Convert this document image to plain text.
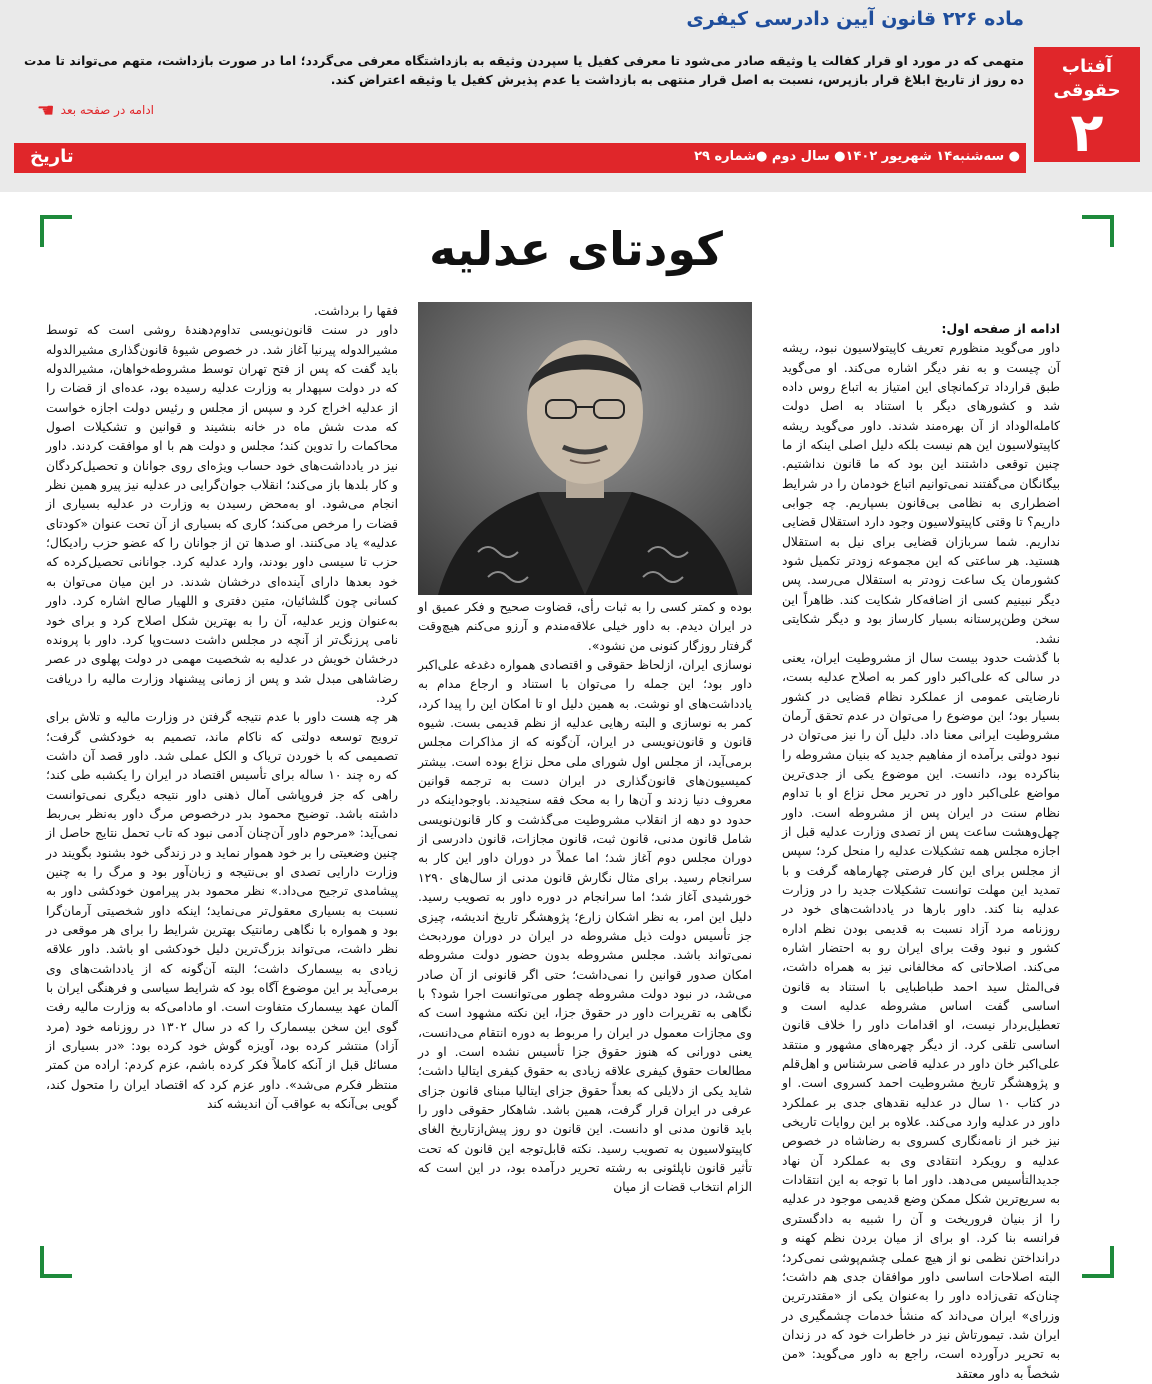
ماده ۲۲۶ قانون آیین دادرسی کیفری
متهمی که در مورد او قرار کفالت یا وثیقه صادر می‌شود تا معرفی کفیل یا سپردن وثیقه به بازداشتگاه معرفی می‌گردد؛ اما در صورت بازداشت، متهم می‌تواند تا مدت ده روز از تاریخ ابلاغ قرار بازپرس، نسبت به اصل قرار منتهی به بازداشت یا عدم پذیرش کفیل یا وثیقه اعتراض کند.
ادامه در صفحه بعد
☚
آفتاب حقوقی
۲
● سه‌شنبه۱۴ شهریور ۱۴۰۲● سال دوم ●شماره ۲۹
تاریخ
کودتای عدلیه

ادامه از صفحه اول:

داور می‌گوید منظورم تعریف کاپیتولاسیون نبود، ریشه آن چیست و به نفر دیگر اشاره می‌کند. او می‌گوید طبق قرارداد ترکمانچای این امتیاز به اتباع روس داده شد و کشورهای دیگر با استناد به اصل دولت کامله‌الوداد از آن بهره‌مند شدند. داور می‌گوید ریشه کاپیتولاسیون این هم نیست بلکه دلیل اصلی اینکه از ما چنین توقعی داشتند این بود که ما قانون نداشتیم. بیگانگان می‌گفتند نمی‌توانیم اتباع خودمان را در شرایط اضطراری به نظامی بی‌قانون بسپاریم. چه جوابی داریم؟ تا وقتی کاپیتولاسیون وجود دارد استقلال قضایی نداریم. شما سربازان قضایی برای نیل به استقلال هستید. هر ساعتی که این مجموعه زودتر تکمیل شود کشورمان یک ساعت زودتر به استقلال می‌رسد. پس دیگر نبینیم کسی از اضافه‌کار شکایت کند. ظاهراً این سخن وطن‌پرستانه بسیار کارساز بود و دیگر شکایتی نشد.

با گذشت حدود بیست سال از مشروطیت ایران، یعنی در سالی که علی‌اکبر داور کمر به اصلاح عدلیه بست، نارضایتی عمومی از عملکرد نظام قضایی در کشور بسیار بود؛ این موضوع را می‌توان در عدم تحقق آرمان مشروطیت ایرانی معنا داد. دلیل آن را نیز می‌توان در نبود دولتی برآمده از مفاهیم جدید که بنیان مشروطه را بناکرده بود، دانست. این موضوع یکی از جدی‌ترین مواضع علی‌اکبر داور در تحریر محل نزاع او با تداوم نظام سنت در ایران پس از مشروطه است. داور چهل‌وهشت ساعت پس از تصدی وزارت عدلیه قبل از اجازه مجلس همه تشکیلات عدلیه را منحل کرد؛ سپس از مجلس برای این کار فرصتی چهارماهه گرفت و با تمدید این مهلت توانست تشکیلات جدید را در وزارت عدلیه بنا کند. داور بارها در یادداشت‌های خود در روزنامه مرد آزاد نسبت به قدیمی بودن نظم اداره کشور و نبود وقت برای ایران رو به احتضار اشاره می‌کند. اصلاحاتی که مخالفانی نیز به همراه داشت، فی‌المثل سید احمد طباطبایی با استناد به قانون اساسی گفت اساس مشروطه عدلیه است و تعطیل‌بردار نیست، او اقدامات داور را خلاف قانون اساسی تلقی کرد. از دیگر چهره‌های مشهور و منتقد علی‌اکبر خان داور در عدلیه قاضی سرشناس و اهل‌قلم و پژوهشگر تاریخ مشروطیت احمد کسروی است. او در کتاب ۱۰ سال در عدلیه نقدهای جدی بر عملکرد داور در عدلیه وارد می‌کند. علاوه بر این روایات تاریخی نیز خبر از نامه‌نگاری کسروی به رضاشاه در خصوص عدلیه و رویکرد انتقادی وی به عملکرد آن نهاد جدیدالتأسیس می‌دهد. داور اما با توجه به این انتقادات به سریع‌ترین شکل ممکن وضع قدیمی موجود در عدلیه را از بنیان فروریخت و آن را شبیه به دادگستری فرانسه بنا کرد. او برای از میان بردن نظم کهنه و درانداختن نظمی نو از هیچ عملی چشم‌پوشی نمی‌کرد؛ البته اصلاحات اساسی داور موافقان جدی هم داشت؛ چنان‌که تقی‌زاده داور را به‌عنوان یکی از «مقتدرترین وزرای» ایران می‌داند که منشأ خدمات چشمگیری در ایران شد. تیمورتاش نیز در خاطرات خود که در زندان به تحریر درآورده است، راجع به داور می‌گوید: «من شخصاً به داور معتقد

بوده و کمتر کسی را به ثبات رأی، قضاوت صحیح و فکر عمیق او در ایران دیدم. به داور خیلی علاقه‌مندم و آرزو می‌کنم هیچ‌وقت گرفتار روزگار کنونی من نشود».

نوسازی ایران، ازلحاظ حقوقی و اقتصادی همواره دغدغه علی‌اکبر داور بود؛ این جمله را می‌توان با استناد و ارجاع مدام به یادداشت‌های او نوشت. به همین دلیل او تا امکان این را پیدا کرد، کمر به نوسازی و البته رهایی عدلیه از نظم قدیمی بست. شیوه قانون و قانون‌نویسی در ایران، آن‌گونه که از مذاکرات مجلس برمی‌آید، از مجلس اول شورای ملی محل نزاع بوده است. بیشتر کمیسیون‌های قانون‌گذاری در ایران دست به ترجمه قوانین معروف دنیا زدند و آن‌ها را به محک فقه سنجیدند. باوجوداینکه در حدود دو دهه از انقلاب مشروطیت می‌گذشت و کار قانون‌نویسی شامل قانون مدنی، قانون ثبت، قانون مجازات، قانون دادرسی از دوران مجلس دوم آغاز شد؛ اما عملاً در دوران داور این کار به سرانجام رسید. برای مثال نگارش قانون مدنی از سال‌های ۱۲۹۰ خورشیدی آغاز شد؛ اما سرانجام در دوره داور به تصویب رسید. دلیل این امر، به نظر اشکان زارع؛ پژوهشگر تاریخ اندیشه، چیزی جز تأسیس دولت ذیل مشروطه در ایران در دوران موردبحث نمی‌تواند باشد. مجلس مشروطه بدون حضور دولت مشروطه امکان صدور قوانین را نمی‌داشت؛ حتی اگر قانونی از آن صادر می‌شد، در نبود دولت مشروطه چطور می‌توانست اجرا شود؟ با نگاهی به تقریرات داور در حقوق جزا، این نکته مشهود است که وی مجازات معمول در ایران را مربوط به دوره انتقام می‌دانست، یعنی دورانی که هنوز حقوق جزا تأسیس نشده است. او در مطالعات حقوق کیفری علاقه زیادی به حقوق کیفری ایتالیا داشت؛ شاید یکی از دلایلی که بعداً حقوق جزای ایتالیا مبنای قانون جزای عرفی در ایران قرار گرفت، همین باشد. شاهکار حقوقی داور را باید قانون مدنی او دانست. این قانون دو روز پیش‌ازتاریخ الغای کاپیتولاسیون به تصویب رسید. نکته قابل‌توجه این قانون که تحت تأثیر قانون ناپلئونی به رشته تحریر درآمده بود، در این است که الزام انتخاب قضات از میان

فقها را برداشت.

داور در سنت قانون‌نویسی تداوم‌دهندهٔ روشی است که توسط مشیرالدوله پیرنیا آغاز شد. در خصوص شیوهٔ قانون‌گذاری مشیرالدوله باید گفت که پس از فتح تهران توسط مشروطه‌خواهان، مشیرالدوله که در دولت سپهدار به وزارت عدلیه رسیده بود، عده‌ای از قضات را از عدلیه اخراج کرد و سپس از مجلس و رئیس دولت اجازه خواست که مدت شش ماه در خانه بنشیند و قوانین و تشکیلات اصول محاکمات را تدوین کند؛ مجلس و دولت هم با او موافقت کردند. داور نیز در یادداشت‌های خود حساب ویژه‌ای روی جوانان و تحصیل‌کردگان و کار بلدها باز می‌کند؛ انقلاب جوان‌گرایی در عدلیه نیز پیرو همین نظر انجام می‌شود. او به‌محض رسیدن به وزارت در عدلیه بسیاری از قضات را مرخص می‌کند؛ کاری که بسیاری از آن تحت عنوان «کودتای عدلیه» یاد می‌کنند. او صدها تن از جوانان را که عضو حزب رادیکال؛ حزب تا سیسی داور بودند، وارد عدلیه کرد. جوانانی تحصیل‌کرده که خود بعدها دارای آینده‌ای درخشان شدند. در این میان می‌توان به کسانی چون گلشائیان، متین دفتری و اللهیار صالح اشاره کرد. داور به‌عنوان وزیر عدلیه، آن را به بهترین شکل اصلاح کرد و برای خود نامی پرزنگ‌تر از آنچه در مجلس داشت دست‌وپا کرد. داور با پرونده درخشان خویش در عدلیه به شخصیت مهمی در دولت پهلوی در عصر رضاشاهی مبدل شد و پس از زمانی پیشنهاد وزارت مالیه را دریافت کرد.

هر چه هست داور با عدم نتیجه گرفتن در وزارت مالیه و تلاش برای ترویج توسعه دولتی که ناکام ماند، تصمیم به خودکشی گرفت؛ تصمیمی که با خوردن تریاک و الکل عملی شد. داور قصد آن داشت که ره چند ۱۰ ساله برای تأسیس اقتصاد در ایران را یکشبه طی کند؛ راهی که جز فروپاشی آمال ذهنی داور نتیجه دیگری نمی‌توانست داشته باشد. توضیح محمود بدر درخصوص مرگ داور به‌نظر بی‌ربط نمی‌آید: «مرحوم داور آن‌چنان آدمی نبود که تاب تحمل نتایج حاصل از چنین وضعیتی را بر خود هموار نماید و در زندگی خود بشنود بگویند در وزارت دارایی تصدی او بی‌نتیجه و زبان‌آور بود و مرگ را به چنین پیشامدی ترجیح می‌داد.» نظر محمود بدر پیرامون خودکشی داور به نسبت به بسیاری معقول‌تر می‌نماید؛ اینکه داور شخصیتی آرمان‌گرا بود و همواره با نگاهی رمانتیک بهترین شرایط را برای هر موقعی در نظر داشت، می‌تواند بزرگ‌ترین دلیل خودکشی او باشد. داور علاقه زیادی به بیسمارک داشت؛ البته آن‌گونه که از یادداشت‌های وی برمی‌آید بر این موضوع آگاه بود که شرایط سیاسی و فرهنگی ایران با آلمان عهد بیسمارک متفاوت است. او مادامی‌که به وزارت مالیه رفت گوی این سخن بیسمارک را که در سال ۱۳۰۲ در روزنامه خود (مرد آزاد) منتشر کرده بود، آویزه گوش خود کرده بود: «در بسیاری از مسائل قبل از آنکه کاملاً فکر کرده باشم، عزم کردم: اراده من کمتر منتظر فکرم می‌شد». داور عزم کرد که اقتصاد ایران را متحول کند، گویی بی‌آنکه به عواقب آن اندیشه کند
